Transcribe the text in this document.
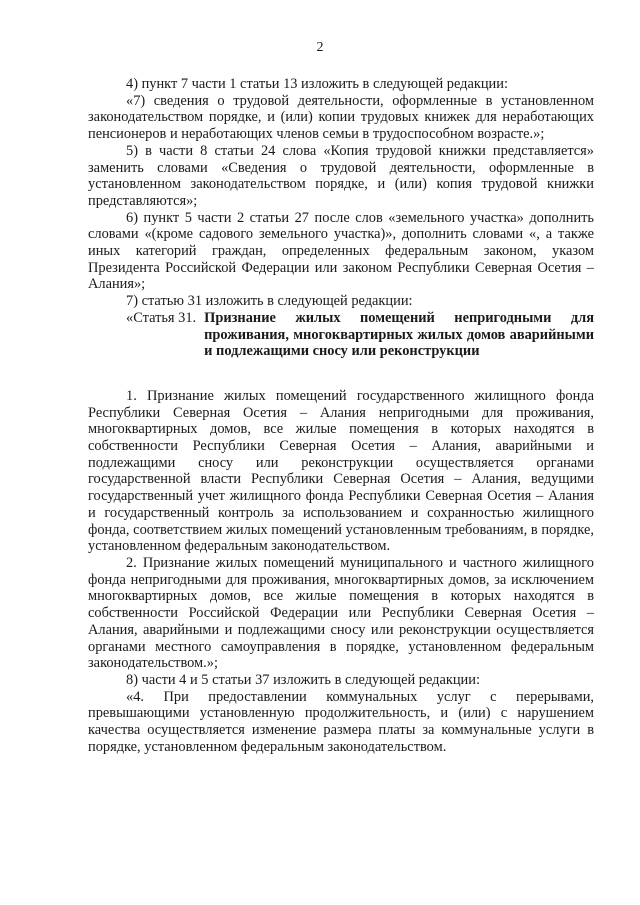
2

4) пункт 7 части 1 статьи 13 изложить в следующей редакции:

«7) сведения о трудовой деятельности, оформленные в установленном законодательством порядке, и (или) копии трудовых книжек для неработающих пенсионеров и неработающих членов семьи в трудоспособном возрасте.»;

5) в части 8 статьи 24 слова «Копия трудовой книжки представляется» заменить словами «Сведения о трудовой деятельности, оформленные в установленном законодательством порядке, и (или) копия трудовой книжки представляются»;

6) пункт 5 части 2 статьи 27 после слов «земельного участка» дополнить словами «(кроме садового земельного участка)», дополнить словами «, а также иных категорий граждан, определенных федеральным законом, указом Президента Российской Федерации или законом Республики Северная Осетия – Алания»;

7) статью 31 изложить в следующей редакции:

«Статья 31. Признание жилых помещений непригодными для проживания, многоквартирных жилых домов аварийными и подлежащими сносу или реконструкции

1. Признание жилых помещений государственного жилищного фонда Республики Северная Осетия – Алания непригодными для проживания, многоквартирных домов, все жилые помещения в которых находятся в собственности Республики Северная Осетия – Алания, аварийными и подлежащими сносу или реконструкции осуществляется органами государственной власти Республики Северная Осетия – Алания, ведущими государственный учет жилищного фонда Республики Северная Осетия – Алания и государственный контроль за использованием и сохранностью жилищного фонда, соответствием жилых помещений установленным требованиям, в порядке, установленном федеральным законодательством.

2. Признание жилых помещений муниципального и частного жилищного фонда непригодными для проживания, многоквартирных домов, за исключением многоквартирных домов, все жилые помещения в которых находятся в собственности Российской Федерации или Республики Северная Осетия – Алания, аварийными и подлежащими сносу или реконструкции осуществляется органами местного самоуправления в порядке, установленном федеральным законодательством.»;

8) части 4 и 5 статьи 37 изложить в следующей редакции:

«4. При предоставлении коммунальных услуг с перерывами, превышающими установленную продолжительность, и (или) с нарушением качества осуществляется изменение размера платы за коммунальные услуги в порядке, установленном федеральным законодательством.
